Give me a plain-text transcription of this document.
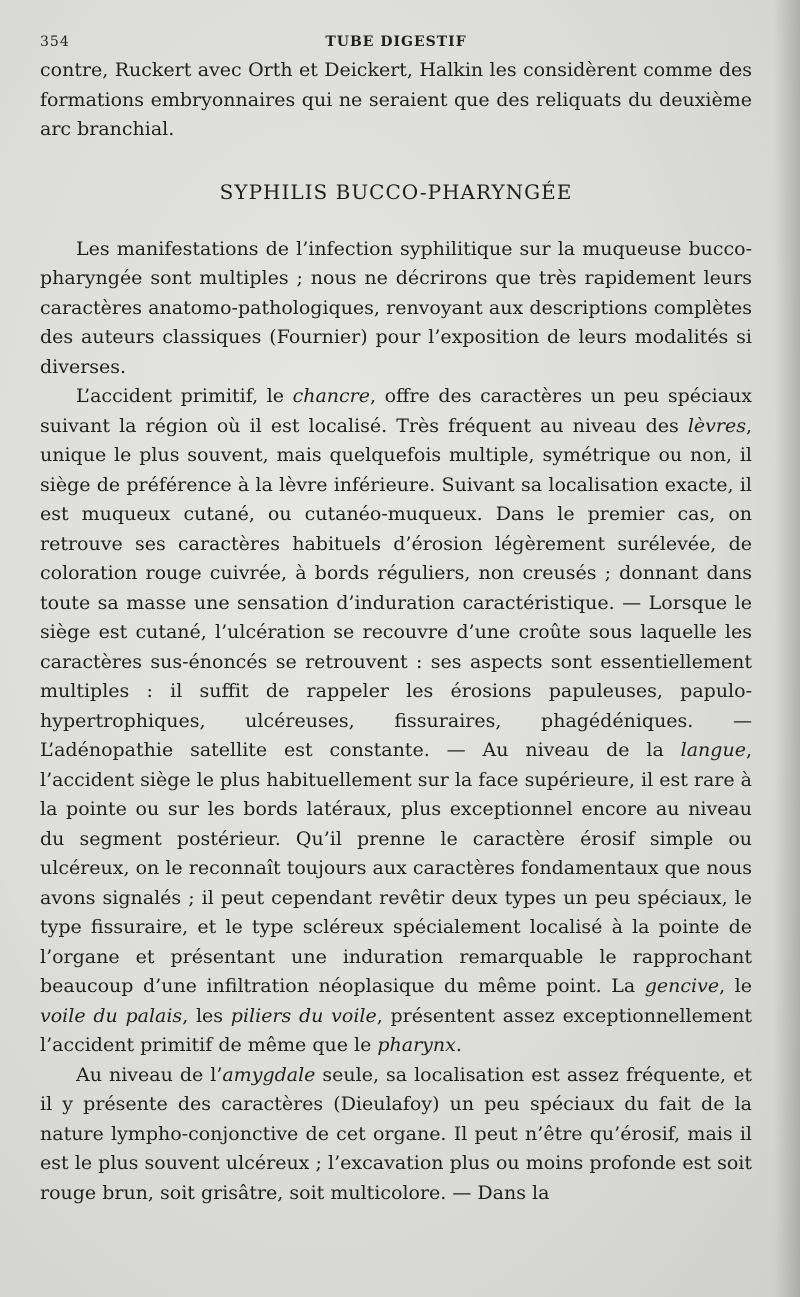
354	TUBE DIGESTIF

contre, Ruckert avec Orth et Deickert, Halkin les considèrent comme des formations embryonnaires qui ne seraient que des reliquats du deuxième arc branchial.

SYPHILIS BUCCO-PHARYNGÉE

Les manifestations de l’infection syphilitique sur la muqueuse bucco-pharyngée sont multiples ; nous ne décrirons que très rapidement leurs caractères anatomo-pathologiques, renvoyant aux descriptions complètes des auteurs classiques (Fournier) pour l’exposition de leurs modalités si diverses.

L’accident primitif, le chancre, offre des caractères un peu spéciaux suivant la région où il est localisé. Très fréquent au niveau des lèvres, unique le plus souvent, mais quelquefois multiple, symétrique ou non, il siège de préférence à la lèvre inférieure. Suivant sa localisation exacte, il est muqueux cutané, ou cutanéo-muqueux. Dans le premier cas, on retrouve ses caractères habituels d’érosion légèrement surélevée, de coloration rouge cuivrée, à bords réguliers, non creusés ; donnant dans toute sa masse une sensation d’induration caractéristique. — Lorsque le siège est cutané, l’ulcération se recouvre d’une croûte sous laquelle les caractères sus-énoncés se retrouvent : ses aspects sont essentiellement multiples : il suffit de rappeler les érosions papuleuses, papulo-hypertrophiques, ulcéreuses, fissuraires, phagédéniques. — L’adénopathie satellite est constante. — Au niveau de la langue, l’accident siège le plus habituellement sur la face supérieure, il est rare à la pointe ou sur les bords latéraux, plus exceptionnel encore au niveau du segment postérieur. Qu’il prenne le caractère érosif simple ou ulcéreux, on le reconnaît toujours aux caractères fondamentaux que nous avons signalés ; il peut cependant revêtir deux types un peu spéciaux, le type fissuraire, et le type scléreux spécialement localisé à la pointe de l’organe et présentant une induration remarquable le rapprochant beaucoup d’une infiltration néoplasique du même point. La gencive, le voile du palais, les piliers du voile, présentent assez exceptionnellement l’accident primitif de même que le pharynx.

Au niveau de l’amygdale seule, sa localisation est assez fréquente, et il y présente des caractères (Dieulafoy) un peu spéciaux du fait de la nature lympho-conjonctive de cet organe. Il peut n’être qu’érosif, mais il est le plus souvent ulcéreux ; l’excavation plus ou moins profonde est soit rouge brun, soit grisâtre, soit multicolore. — Dans la
